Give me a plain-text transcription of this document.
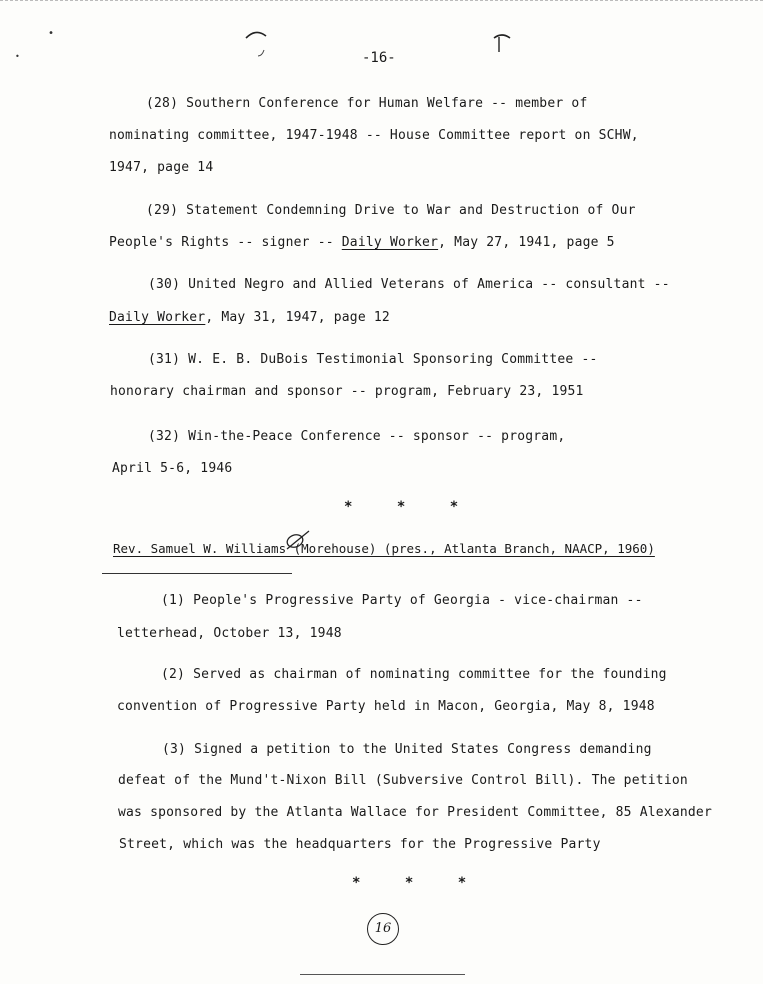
•
•	-16-
(28) Southern Conference for Human Welfare -- member of
nominating committee, 1947-1948 -- House Committee report on SCHW,
1947, page 14
(29) Statement Condemning Drive to War and Destruction of Our
People's Rights -- signer -- Daily Worker, May 27, 1941, page 5
(30) United Negro and Allied Veterans of America -- consultant --
Daily Worker, May 31, 1947, page 12
(31) W. E. B. DuBois Testimonial Sponsoring Committee --
honorary chairman and sponsor -- program, February 23, 1951
(32) Win-the-Peace Conference -- sponsor -- program,
April 5-6, 1946
* * *
Rev. Samuel W. Williams (Morehouse) (pres., Atlanta Branch, NAACP, 1960)
(1) People's Progressive Party of Georgia - vice-chairman --
letterhead, October 13, 1948
(2) Served as chairman of nominating committee for the founding
convention of Progressive Party held in Macon, Georgia, May 8, 1948
(3) Signed a petition to the United States Congress demanding
defeat of the Mund't-Nixon Bill (Subversive Control Bill). The petition
was sponsored by the Atlanta Wallace for President Committee, 85 Alexander
Street, which was the headquarters for the Progressive Party
* * *
16
